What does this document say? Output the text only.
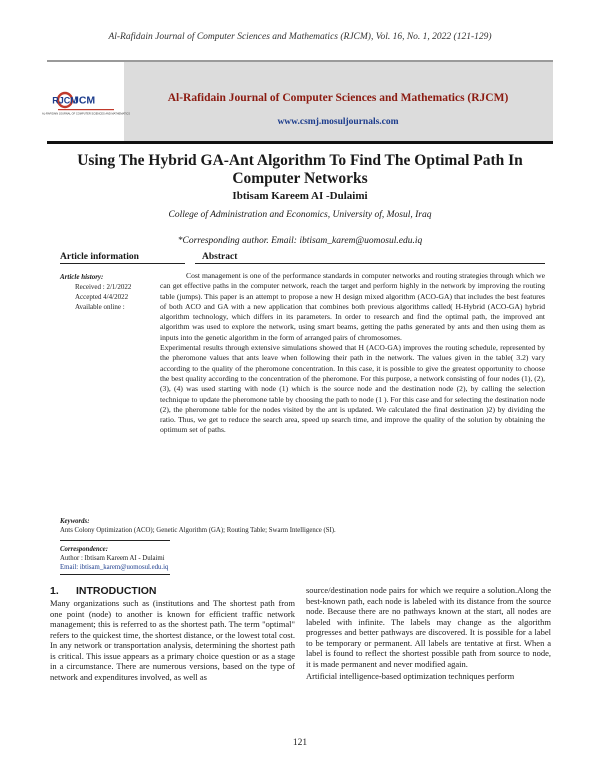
Al-Rafidain Journal of Computer Sciences and Mathematics (RJCM), Vol. 16, No. 1, 2022 (121-129)
RJCM
JCM
AL-RAFIDAIN JOURNAL OF COMPUTER SCIENCES AND MATHEMATICS
Al-Rafidain Journal of Computer Sciences and Mathematics (RJCM)
www.csmj.mosuljournals.com
Using The Hybrid GA-Ant Algorithm To Find The Optimal Path In Computer Networks
Ibtisam Kareem AI -Dulaimi
College of Administration and Economics, University of, Mosul, Iraq
*Corresponding author. Email: ibtisam_karem@uomosul.edu.iq
Article information	Abstract
Article history:
Received : 2/1/2022
Accepted 4/4/2022
Available online :

Cost management is one of the performance standards in computer networks and routing strategies through which we can get effective paths in the computer network, reach the target and perform highly in the network by improving the routing table (jumps). This paper is an attempt to propose a new H design mixed algorithm (ACO-GA) that includes the best features of both ACO and GA with a new application that combines both previous algorithms called( H-Hybrid (ACO-GA) hybrid algorithm technology, which differs in its parameters. In order to research and find the optimal path, the improved ant algorithm was used to explore the network, using smart beams, getting the paths generated by ants and then using them as inputs into the genetic algorithm in the form of arranged pairs of chromosomes.

Experimental results through extensive simulations showed that H (ACO-GA) improves the routing schedule, represented by the pheromone values that ants leave when following their path in the network. The values given in the table( 3.2) vary according to the quality of the pheromone concentration. In this case, it is possible to give the greatest opportunity to choose the best quality according to the concentration of the pheromone. For this purpose, a network consisting of four nodes (1), (2), (3), (4) was used starting with node (1) which is the source node and the destination node (2), by calling the selection technique to update the pheromone table by choosing the path to node (1 ). For this case and for selecting the destination node (2), the pheromone table for the nodes visited by the ant is updated. We calculated the final destination )2) by dividing the ratio. Thus, we get to reduce the search area, speed up search time, and improve the quality of the solution by obtaining the optimum set of paths.

Keywords:
Ants Colony Optimization (ACO); Genetic Algorithm (GA); Routing Table; Swarm Intelligence (SI).
Correspondence:
Author : Ibtisam Kareem AI - Dulaimi
Email: ibtisam_karem@uomosul.edu.iq
1. INTRODUCTION

Many organizations such as (institutions and The shortest path from one point (node) to another is known for efficient traffic network management; this is referred to as the shortest path. The term "optimal" refers to the quickest time, the shortest distance, or the lowest total cost. In any network or transportation analysis, determining the shortest path is critical. This issue appears as a primary choice question or as a stage in a circumstance. There are numerous versions, based on the type of network and expenditures involved, as well as

source/destination node pairs for which we require a solution.Along the best-known path, each node is labeled with its distance from the source node. Because there are no pathways known at the start, all nodes are labeled with infinite. The labels may change as the algorithm progresses and better pathways are discovered. It is possible for a label to be temporary or permanent. All labels are tentative at first. When a label is found to reflect the shortest possible path from source to node, it is made permanent and never modified again.

Artificial intelligence-based optimization techniques perform

121
